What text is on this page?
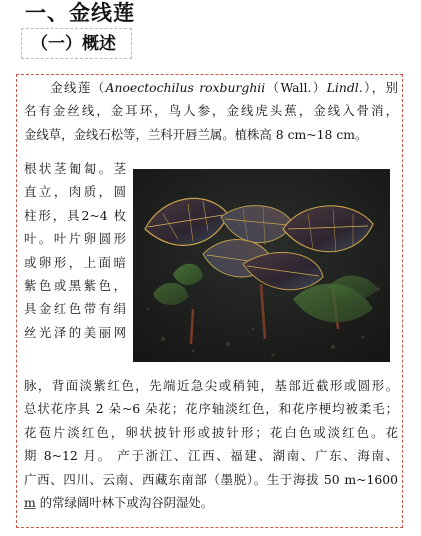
一、金线莲
（一）概述
  金线莲（Anoectochilus roxburghii（Wall.）Lindl.），别
名有金丝线，金耳环，鸟人参，金线虎头蕉，金线入骨消，
金线草，金线石松等，兰科开唇兰属。植株高 8 cm~18 cm。
根状茎匍匐。茎
直立，肉质，圆
柱形，具2~4 枚
叶。叶片卵圆形
或卵形，上面暗
紫色或黑紫色，
具金红色带有绢
丝光泽的美丽网
脉，背面淡紫红色，先端近急尖或稍钝，基部近截形或圆形。
总状花序具 2 朵~6 朵花；花序轴淡红色，和花序梗均被柔毛；
花苞片淡红色，卵状披针形或披针形；花白色或淡红色。花
期 8~12 月。 产于浙江、江西、福建、湖南、广东、海南、
广西、四川、云南、西藏东南部（墨脱）。生于海拔 50 m~1600
m 的常绿阔叶林下或沟谷阴湿处。
